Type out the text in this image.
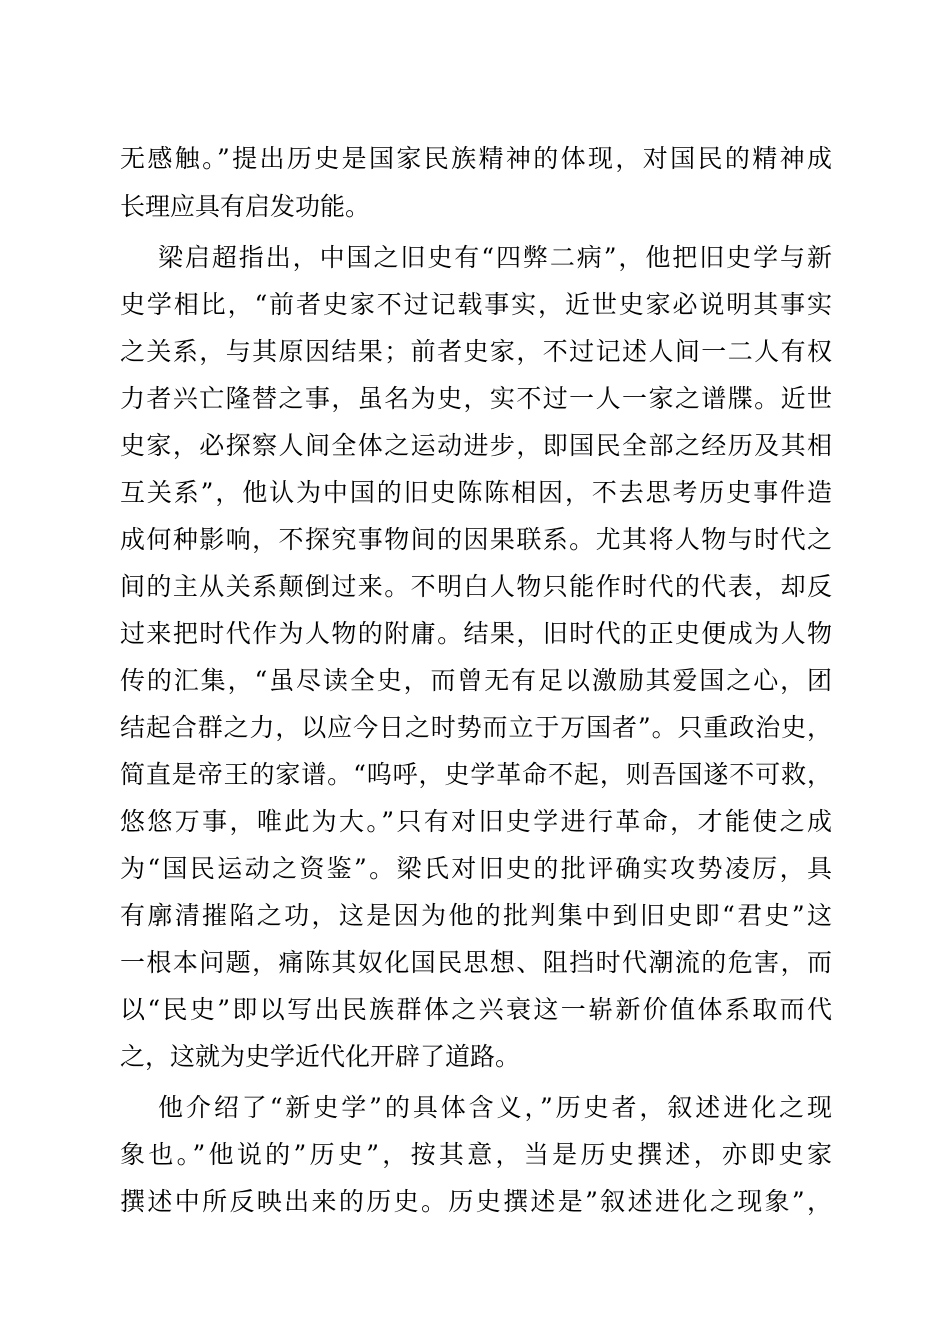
无感触。”提出历史是国家民族精神的体现，对国民的精神成
长理应具有启发功能。
梁启超指出，中国之旧史有“四弊二病”，他把旧史学与新
史学相比，“前者史家不过记载事实，近世史家必说明其事实
之关系，与其原因结果；前者史家，不过记述人间一二人有权
力者兴亡隆替之事，虽名为史，实不过一人一家之谱牒。近世
史家，必探察人间全体之运动进步，即国民全部之经历及其相
互关系”，他认为中国的旧史陈陈相因，不去思考历史事件造
成何种影响，不探究事物间的因果联系。尤其将人物与时代之
间的主从关系颠倒过来。不明白人物只能作时代的代表，却反
过来把时代作为人物的附庸。结果，旧时代的正史便成为人物
传的汇集，“虽尽读全史，而曾无有足以激励其爱国之心，团
结起合群之力，以应今日之时势而立于万国者”。只重政治史，
简直是帝王的家谱。“呜呼，史学革命不起，则吾国遂不可救，
悠悠万事，唯此为大。”只有对旧史学进行革命，才能使之成
为“国民运动之资鉴”。梁氏对旧史的批评确实攻势凌厉，具
有廓清摧陷之功，这是因为他的批判集中到旧史即“君史”这
一根本问题，痛陈其奴化国民思想、阻挡时代潮流的危害，而
以“民史”即以写出民族群体之兴衰这一崭新价值体系取而代
之，这就为史学近代化开辟了道路。
他介绍了“新史学”的具体含义，”历史者，叙述进化之现
象也。”他说的”历史”，按其意，当是历史撰述，亦即史家
撰述中所反映出来的历史。历史撰述是”叙述进化之现象”，
